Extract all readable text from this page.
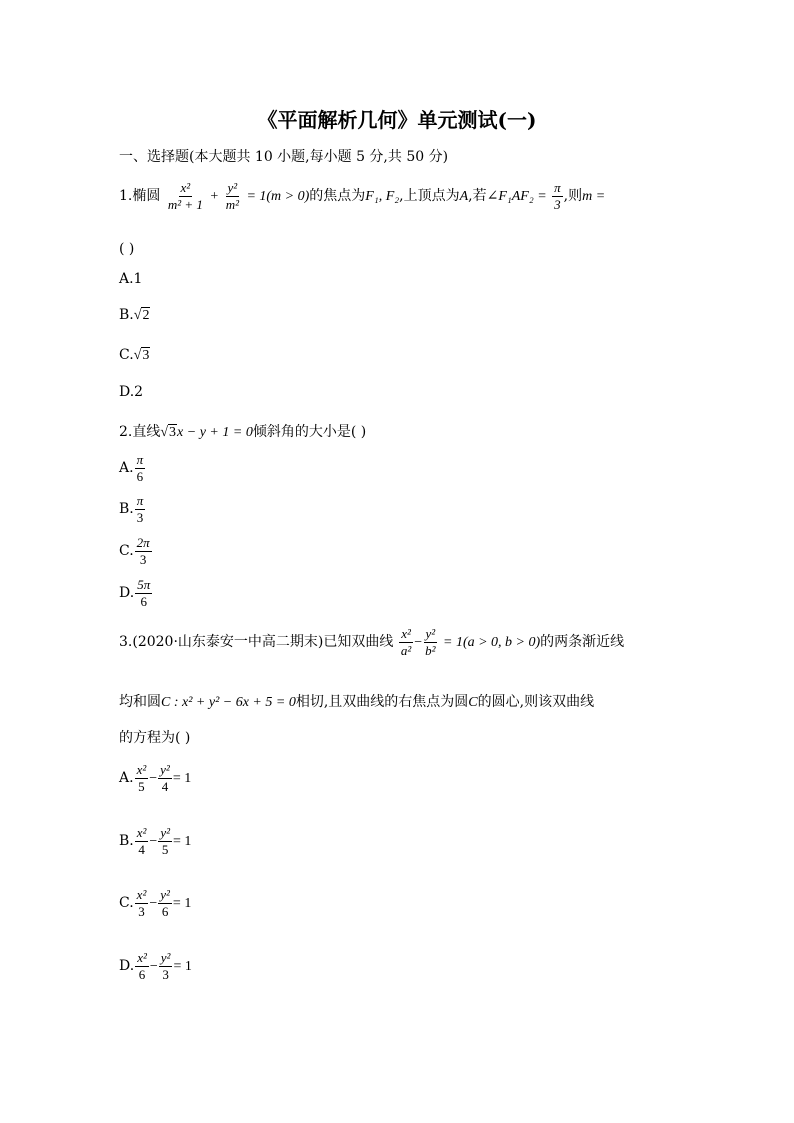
《平面解析几何》单元测试(一)
一、选择题(本大题共 10 小题,每小题 5 分,共 50 分)
1.椭圆 $\frac{\text{x²}}{\text{m² + 1}} + \frac{\text{y²}}{\text{m²}} = 1(m > 0)$的焦点为F₁, F₂,上顶点为A,若∠F₁AF₂ = $\frac{\pi}{3}$ ,则m =
( )
A.1
B.√ 2
C.√ 3
D.2
2.直线√ 3 x − y + 1 = 0倾斜角的大小是( )
A. $\frac{\pi}{6}$
B. $\frac{\pi}{3}$
C. $\frac{2\pi}{3}$
D. $\frac{5\pi}{6}$
3.(2020·山东泰安一中高二期末)已知双曲线 $\frac{\text{x²}}{\text{a²}} - \frac{\text{y²}}{\text{b²}} = 1(a > 0$, b > 0)的两条渐近线
均和圆C : x² + y² − 6x + 5 = 0相切,且双曲线的右焦点为圆C的圆心,则该双曲线
的方程为( )
A. $\frac{\text{x²}}{5} - \frac{\text{y²}}{4} = 1$
B. $\frac{\text{x²}}{4} - \frac{\text{y²}}{5} = 1$
C. $\frac{\text{x²}}{3} - \frac{\text{y²}}{6} = 1$
D. $\frac{\text{x²}}{6} - \frac{\text{y²}}{3} = 1$
